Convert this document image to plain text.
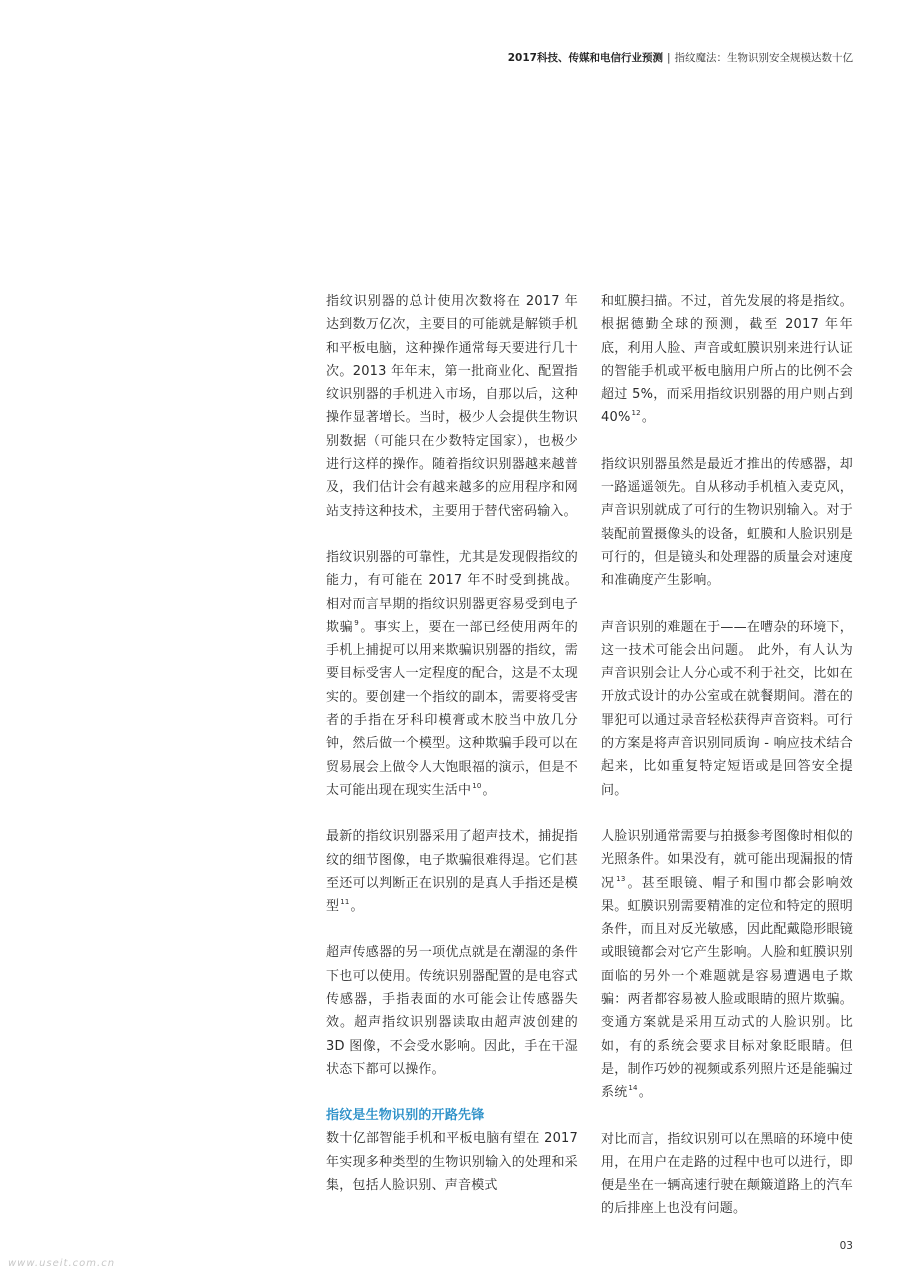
2017科技、传媒和电信行业预测 | 指纹魔法：生物识别安全规模达数十亿

指纹识别器的总计使用次数将在 2017 年达到数万亿次，主要目的可能就是解锁手机和平板电脑，这种操作通常每天要进行几十次。2013 年年末，第一批商业化、配置指纹识别器的手机进入市场，自那以后，这种操作显著增长。当时，极少人会提供生物识别数据（可能只在少数特定国家），也极少进行这样的操作。随着指纹识别器越来越普及，我们估计会有越来越多的应用程序和网站支持这种技术，主要用于替代密码输入。

指纹识别器的可靠性，尤其是发现假指纹的能力，有可能在 2017 年不时受到挑战。相对而言早期的指纹识别器更容易受到电子欺骗$^9$。事实上，要在一部已经使用两年的手机上捕捉可以用来欺骗识别器的指纹，需要目标受害人一定程度的配合，这是不太现实的。要创建一个指纹的副本，需要将受害者的手指在牙科印模膏或木胶当中放几分钟，然后做一个模型。这种欺骗手段可以在贸易展会上做令人大饱眼福的演示，但是不太可能出现在现实生活中$^{10}$。

最新的指纹识别器采用了超声技术，捕捉指纹的细节图像，电子欺骗很难得逞。它们甚至还可以判断正在识别的是真人手指还是模型$^{11}$。

超声传感器的另一项优点就是在潮湿的条件下也可以使用。传统识别器配置的是电容式传感器，手指表面的水可能会让传感器失效。超声指纹识别器读取由超声波创建的 3D 图像，不会受水影响。因此，手在干湿状态下都可以操作。

指纹是生物识别的开路先锋

数十亿部智能手机和平板电脑有望在 2017 年实现多种类型的生物识别输入的处理和采集，包括人脸识别、声音模式

和虹膜扫描。不过，首先发展的将是指纹。根据德勤全球的预测，截至 2017 年年底，利用人脸、声音或虹膜识别来进行认证的智能手机或平板电脑用户所占的比例不会超过 5%，而采用指纹识别器的用户则占到 40%$^{12}$。

指纹识别器虽然是最近才推出的传感器，却一路遥遥领先。自从移动手机植入麦克风，声音识别就成了可行的生物识别输入。对于装配前置摄像头的设备，虹膜和人脸识别是可行的，但是镜头和处理器的质量会对速度和准确度产生影响。

声音识别的难题在于——在嘈杂的环境下，这一技术可能会出问题。 此外，有人认为声音识别会让人分心或不利于社交，比如在开放式设计的办公室或在就餐期间。潜在的罪犯可以通过录音轻松获得声音资料。可行的方案是将声音识别同质询 - 响应技术结合起来，比如重复特定短语或是回答安全提问。

人脸识别通常需要与拍摄参考图像时相似的光照条件。如果没有，就可能出现漏报的情况$^{13}$。甚至眼镜、帽子和围巾都会影响效果。虹膜识别需要精准的定位和特定的照明条件，而且对反光敏感，因此配戴隐形眼镜或眼镜都会对它产生影响。人脸和虹膜识别面临的另外一个难题就是容易遭遇电子欺骗：两者都容易被人脸或眼睛的照片欺骗。变通方案就是采用互动式的人脸识别。比如，有的系统会要求目标对象眨眼睛。但是，制作巧妙的视频或系列照片还是能骗过系统$^{14}$。

对比而言，指纹识别可以在黑暗的环境中使用，在用户在走路的过程中也可以进行，即便是坐在一辆高速行驶在颠簸道路上的汽车的后排座上也没有问题。

03
www.useit.com.cn
